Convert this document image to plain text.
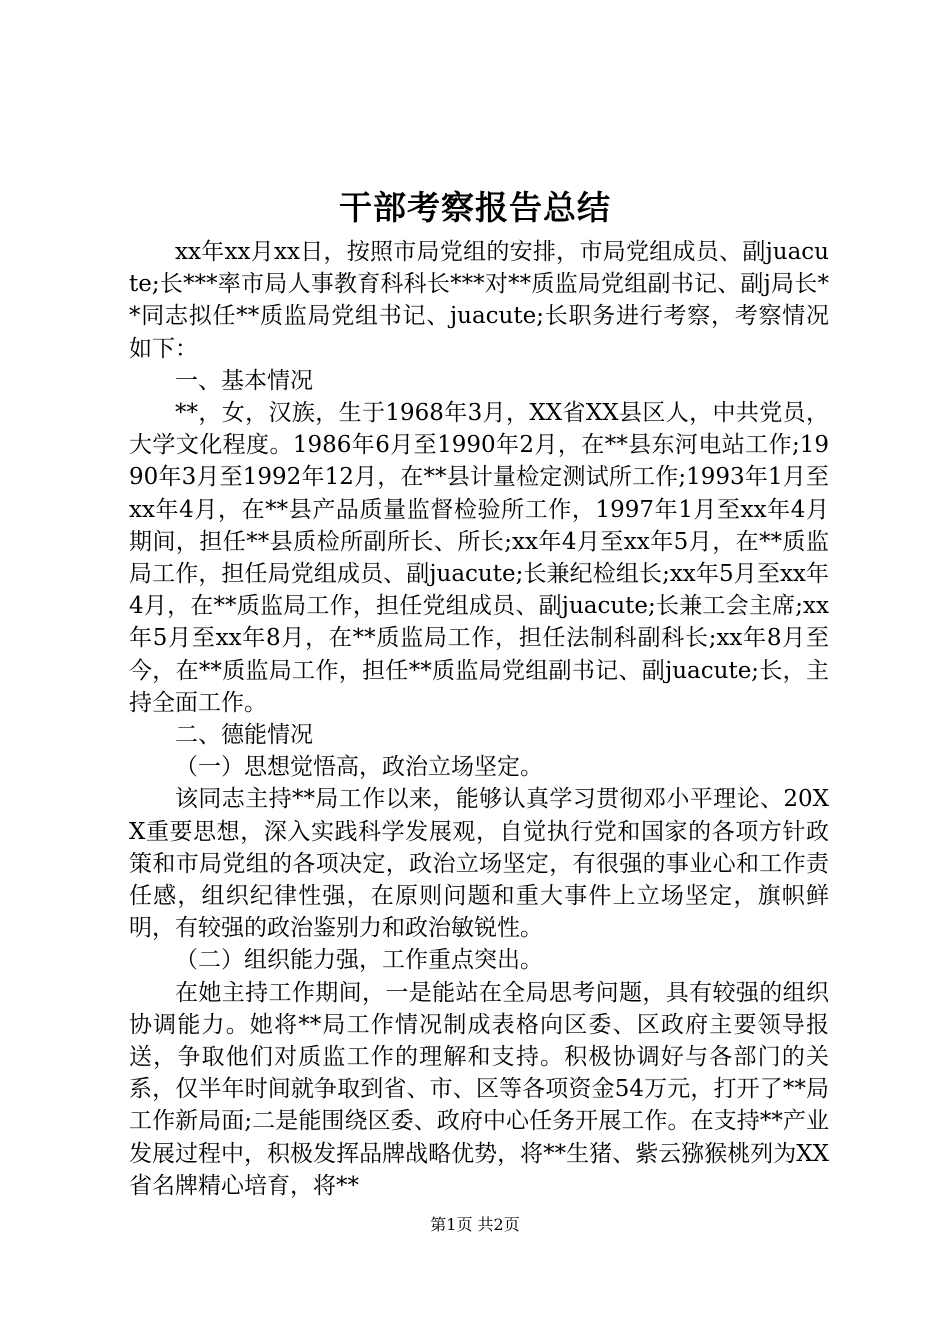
干部考察报告总结

xx年xx月xx日，按照市局党组的安排，市局党组成员、副juacute;长***率市局人事教育科科长***对**质监局党组副书记、副j局长**同志拟任**质监局党组书记、juacute;长职务进行考察，考察情况如下：

一、基本情况

**，女，汉族，生于1968年3月，XX省XX县区人，中共党员，大学文化程度。1986年6月至1990年2月，在**县东河电站工作;1990年3月至1992年12月，在**县计量检定测试所工作;1993年1月至xx年4月，在**县产品质量监督检验所工作，1997年1月至xx年4月期间，担任**县质检所副所长、所长;xx年4月至xx年5月，在**质监局工作，担任局党组成员、副juacute;长兼纪检组长;xx年5月至xx年4月，在**质监局工作，担任党组成员、副juacute;长兼工会主席;xx年5月至xx年8月，在**质监局工作，担任法制科副科长;xx年8月至今，在**质监局工作，担任**质监局党组副书记、副juacute;长，主持全面工作。

二、德能情况

（一）思想觉悟高，政治立场坚定。

该同志主持**局工作以来，能够认真学习贯彻邓小平理论、20XX重要思想，深入实践科学发展观，自觉执行党和国家的各项方针政策和市局党组的各项决定，政治立场坚定，有很强的事业心和工作责任感，组织纪律性强，在原则问题和重大事件上立场坚定，旗帜鲜明，有较强的政治鉴别力和政治敏锐性。

（二）组织能力强，工作重点突出。

在她主持工作期间，一是能站在全局思考问题，具有较强的组织协调能力。她将**局工作情况制成表格向区委、区政府主要领导报送，争取他们对质监工作的理解和支持。积极协调好与各部门的关系，仅半年时间就争取到省、市、区等各项资金54万元，打开了**局工作新局面;二是能围绕区委、政府中心任务开展工作。在支持**产业发展过程中，积极发挥品牌战略优势，将**生猪、紫云猕猴桃列为XX省名牌精心培育，将**

第1页 共2页
